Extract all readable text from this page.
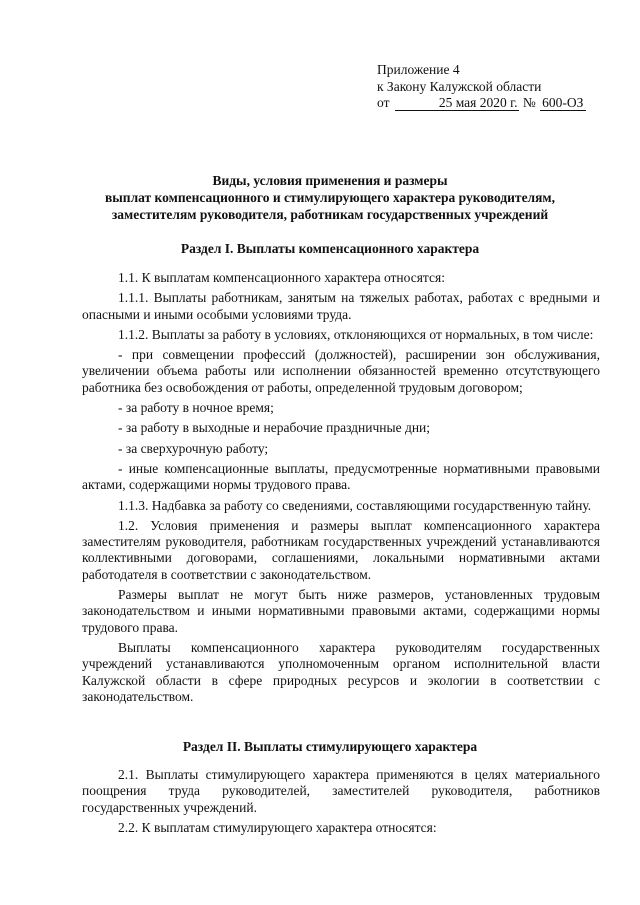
Приложение 4
к Закону Калужской области
от	25 мая 2020 г. № 600-ОЗ
Виды, условия применения и размеры
выплат компенсационного и стимулирующего характера руководителям,
заместителям руководителя, работникам государственных учреждений
Раздел I. Выплаты компенсационного характера

1.1. К выплатам компенсационного характера относятся:

1.1.1. Выплаты работникам, занятым на тяжелых работах, работах с вредными и опасными и иными особыми условиями труда.

1.1.2. Выплаты за работу в условиях, отклоняющихся от нормальных, в том числе:

- при совмещении профессий (должностей), расширении зон обслуживания, увеличении объема работы или исполнении обязанностей временно отсутствующего работника без освобождения от работы, определенной трудовым договором;

- за работу в ночное время;

- за работу в выходные и нерабочие праздничные дни;

- за сверхурочную работу;

- иные компенсационные выплаты, предусмотренные нормативными правовыми актами, содержащими нормы трудового права.

1.1.3. Надбавка за работу со сведениями, составляющими государственную тайну.

1.2. Условия применения и размеры выплат компенсационного характера заместителям руководителя, работникам государственных учреждений устанавливаются коллективными договорами, соглашениями, локальными нормативными актами работодателя в соответствии с законодательством.

Размеры выплат не могут быть ниже размеров, установленных трудовым законодательством и иными нормативными правовыми актами, содержащими нормы трудового права.

Выплаты компенсационного характера руководителям государственных учреждений устанавливаются уполномоченным органом исполнительной власти Калужской области в сфере природных ресурсов и экологии в соответствии с законодательством.

Раздел II. Выплаты стимулирующего характера

2.1. Выплаты стимулирующего характера применяются в целях материального поощрения труда руководителей, заместителей руководителя, работников государственных учреждений.

2.2. К выплатам стимулирующего характера относятся:
